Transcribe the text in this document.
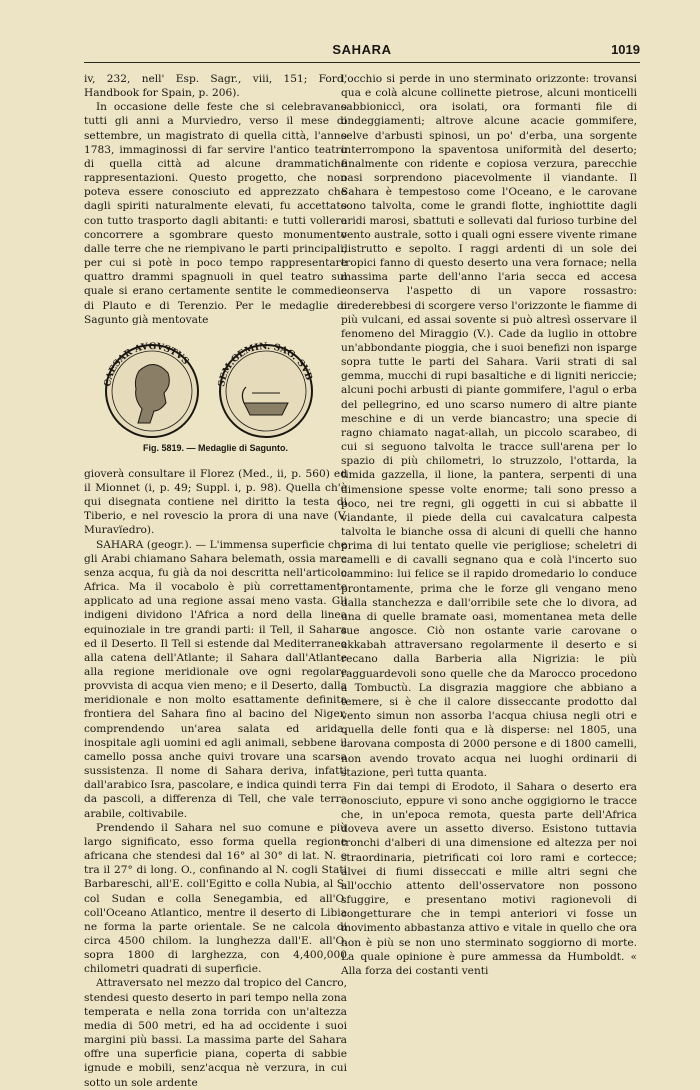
SAHARA	1019

iv, 232, nell' Esp. Sagr., viii, 151; Ford, Handbook for Spain, p. 206).

In occasione delle feste che si celebravano tutti gli anni a Murviedro, verso il mese di settembre, un magistrato di quella città, l'anno 1783, immaginossi di far servire l'antico teatro di quella città ad alcune drammatiche rappresentazioni. Questo progetto, che non poteva essere conosciuto ed apprezzato che dagli spiriti naturalmente elevati, fu accettato con tutto trasporto dagli abitanti: e tutti vollero concorrere a sgombrare questo monumento dalle terre che ne riempivano le parti principali, per cui si potè in poco tempo rappresentare quattro drammi spagnuoli in quel teatro sul quale si erano certamente sentite le commedie di Plauto e di Terenzio. Per le medaglie di Sagunto già mentovate

CAESAR AVGVSTVS
SEM.GEMIN. SAG. SVB
Fig. 5819. — Medaglie di Sagunto.

gioverà consultare il Florez (Med., ii, p. 560) ed il Mionnet (i, p. 49; Suppl. i, p. 98). Quella ch'è qui disegnata contiene nel diritto la testa di Tiberio, e nel rovescio la prora di una nave (V. Muravïedro).

SAHARA (geogr.). — L'immensa superficie che gli Arabi chiamano Sahara belemath, ossia mare senza acqua, fu già da noi descritta nell'articolo Africa. Ma il vocabolo è più correttamente applicato ad una regione assai meno vasta. Gli indigeni dividono l'Africa a nord della linea equinoziale in tre grandi parti: il Tell, il Sahara ed il Deserto. Il Tell si estende dal Mediterraneo alla catena dell'Atlante; il Sahara dall'Atlante alla regione meridionale ove ogni regolare provvista di acqua vien meno; e il Deserto, dalla meridionale e non molto esattamente definita frontiera del Sahara fino al bacino del Niger, comprendendo un'area salata ed arida, inospitale agli uomini ed agli animali, sebbene il camello possa anche quivi trovare una scarsa sussistenza. Il nome di Sahara deriva, infatti dall'arabico Isra, pascolare, e indica quindi terra da pascoli, a differenza di Tell, che vale terra arabile, coltivabile.

Prendendo il Sahara nel suo comune e più largo significato, esso forma quella regione africana che stendesi dal 16° al 30° di lat. N. e tra il 27° di long. O., confinando al N. cogli Stati Barbareschi, all'E. coll'Egitto e colla Nubia, al S. col Sudan e colla Senegambia, ed all'O. coll'Oceano Atlantico, mentre il deserto di Libia ne forma la parte orientale. Se ne calcola di circa 4500 chilom. la lunghezza dall'E. all'O. sopra 1800 di larghezza, con 4,400,000 chilometri quadrati di superficie.

Attraversato nel mezzo dal tropico del Cancro, stendesi questo deserto in pari tempo nella zona temperata e nella zona torrida con un'altezza media di 500 metri, ed ha ad occidente i suoi margini più bassi. La massima parte del Sahara offre una superficie piana, coperta di sabbie ignude e mobili, senz'acqua nè verzura, in cui sotto un sole ardente

l'occhio si perde in uno sterminato orizzonte: trovansi qua e colà alcune collinette pietrose, alcuni monticelli sabbioniccì, ora isolati, ora formanti file di ondeggiamenti; altrove alcune acacie gommifere, selve d'arbusti spinosi, un po' d'erba, una sorgente interrompono la spaventosa uniformità del deserto; finalmente con ridente e copiosa verzura, parecchie oasi sorprendono piacevolmente il viandante. Il Sahara è tempestoso come l'Oceano, e le carovane sono talvolta, come le grandi flotte, inghiottite dagli aridi marosi, sbattuti e sollevati dal furioso turbine del vento australe, sotto i quali ogni essere vivente rimane distrutto e sepolto. I raggi ardenti di un sole dei tropici fanno di questo deserto una vera fornace; nella massima parte dell'anno l'aria secca ed accesa conserva l'aspetto di un vapore rossastro: crederebbesi di scorgere verso l'orizzonte le fiamme di più vulcani, ed assai sovente si può altresì osservare il fenomeno del Miraggio (V.). Cade da luglio in ottobre un'abbondante pioggia, che i suoi benefizi non isparge sopra tutte le parti del Sahara. Varii strati di sal gemma, mucchi di rupi basaltiche e di ligniti nericcie; alcuni pochi arbusti di piante gommifere, l'agul o erba del pellegrino, ed uno scarso numero di altre piante meschine e di un verde biancastro; una specie di ragno chiamato nagat-allah, un piccolo scarabeo, di cui si seguono talvolta le tracce sull'arena per lo spazio di più chilometri, lo struzzolo, l'ottarda, la timida gazzella, il lione, la pantera, serpenti di una dimensione spesse volte enorme; tali sono presso a poco, nei tre regni, gli oggetti in cui si abbatte il viandante, il piede della cui cavalcatura calpesta talvolta le bianche ossa di alcuni di quelli che hanno prima di lui tentato quelle vie perigliose; scheletri di camelli e di cavalli segnano qua e colà l'incerto suo cammino: lui felice se il rapido dromedario lo conduce prontamente, prima che le forze gli vengano meno dalla stanchezza e dall'orribile sete che lo divora, ad una di quelle bramate oasi, momentanea meta delle sue angosce. Ciò non ostante varie carovane o akkabah attraversano regolarmente il deserto e si recano dalla Barberia alla Nigrizia: le più ragguardevoli sono quelle che da Marocco procedono a Tombuctù. La disgrazia maggiore che abbiano a temere, si è che il calore disseccante prodotto dal vento simun non assorba l'acqua chiusa negli otri e quella delle fonti qua e là disperse: nel 1805, una carovana composta di 2000 persone e di 1800 camelli, non avendo trovato acqua nei luoghi ordinarii di stazione, perì tutta quanta.

Fin dai tempi di Erodoto, il Sahara o deserto era conosciuto, eppure vi sono anche oggigiorno le tracce che, in un'epoca remota, questa parte dell'Africa doveva avere un assetto diverso. Esistono tuttavia tronchi d'alberi di una dimensione ed altezza per noi straordinaria, pietrificati coi loro rami e cortecce; alvei di fiumi disseccati e mille altri segni che all'occhio attento dell'osservatore non possono sfuggire, e presentano motivi ragionevoli di congetturare che in tempi anteriori vi fosse un movimento abbastanza attivo e vitale in quello che ora non è più se non uno sterminato soggiorno di morte. La quale opinione è pure ammessa da Humboldt. « Alla forza dei costanti venti
